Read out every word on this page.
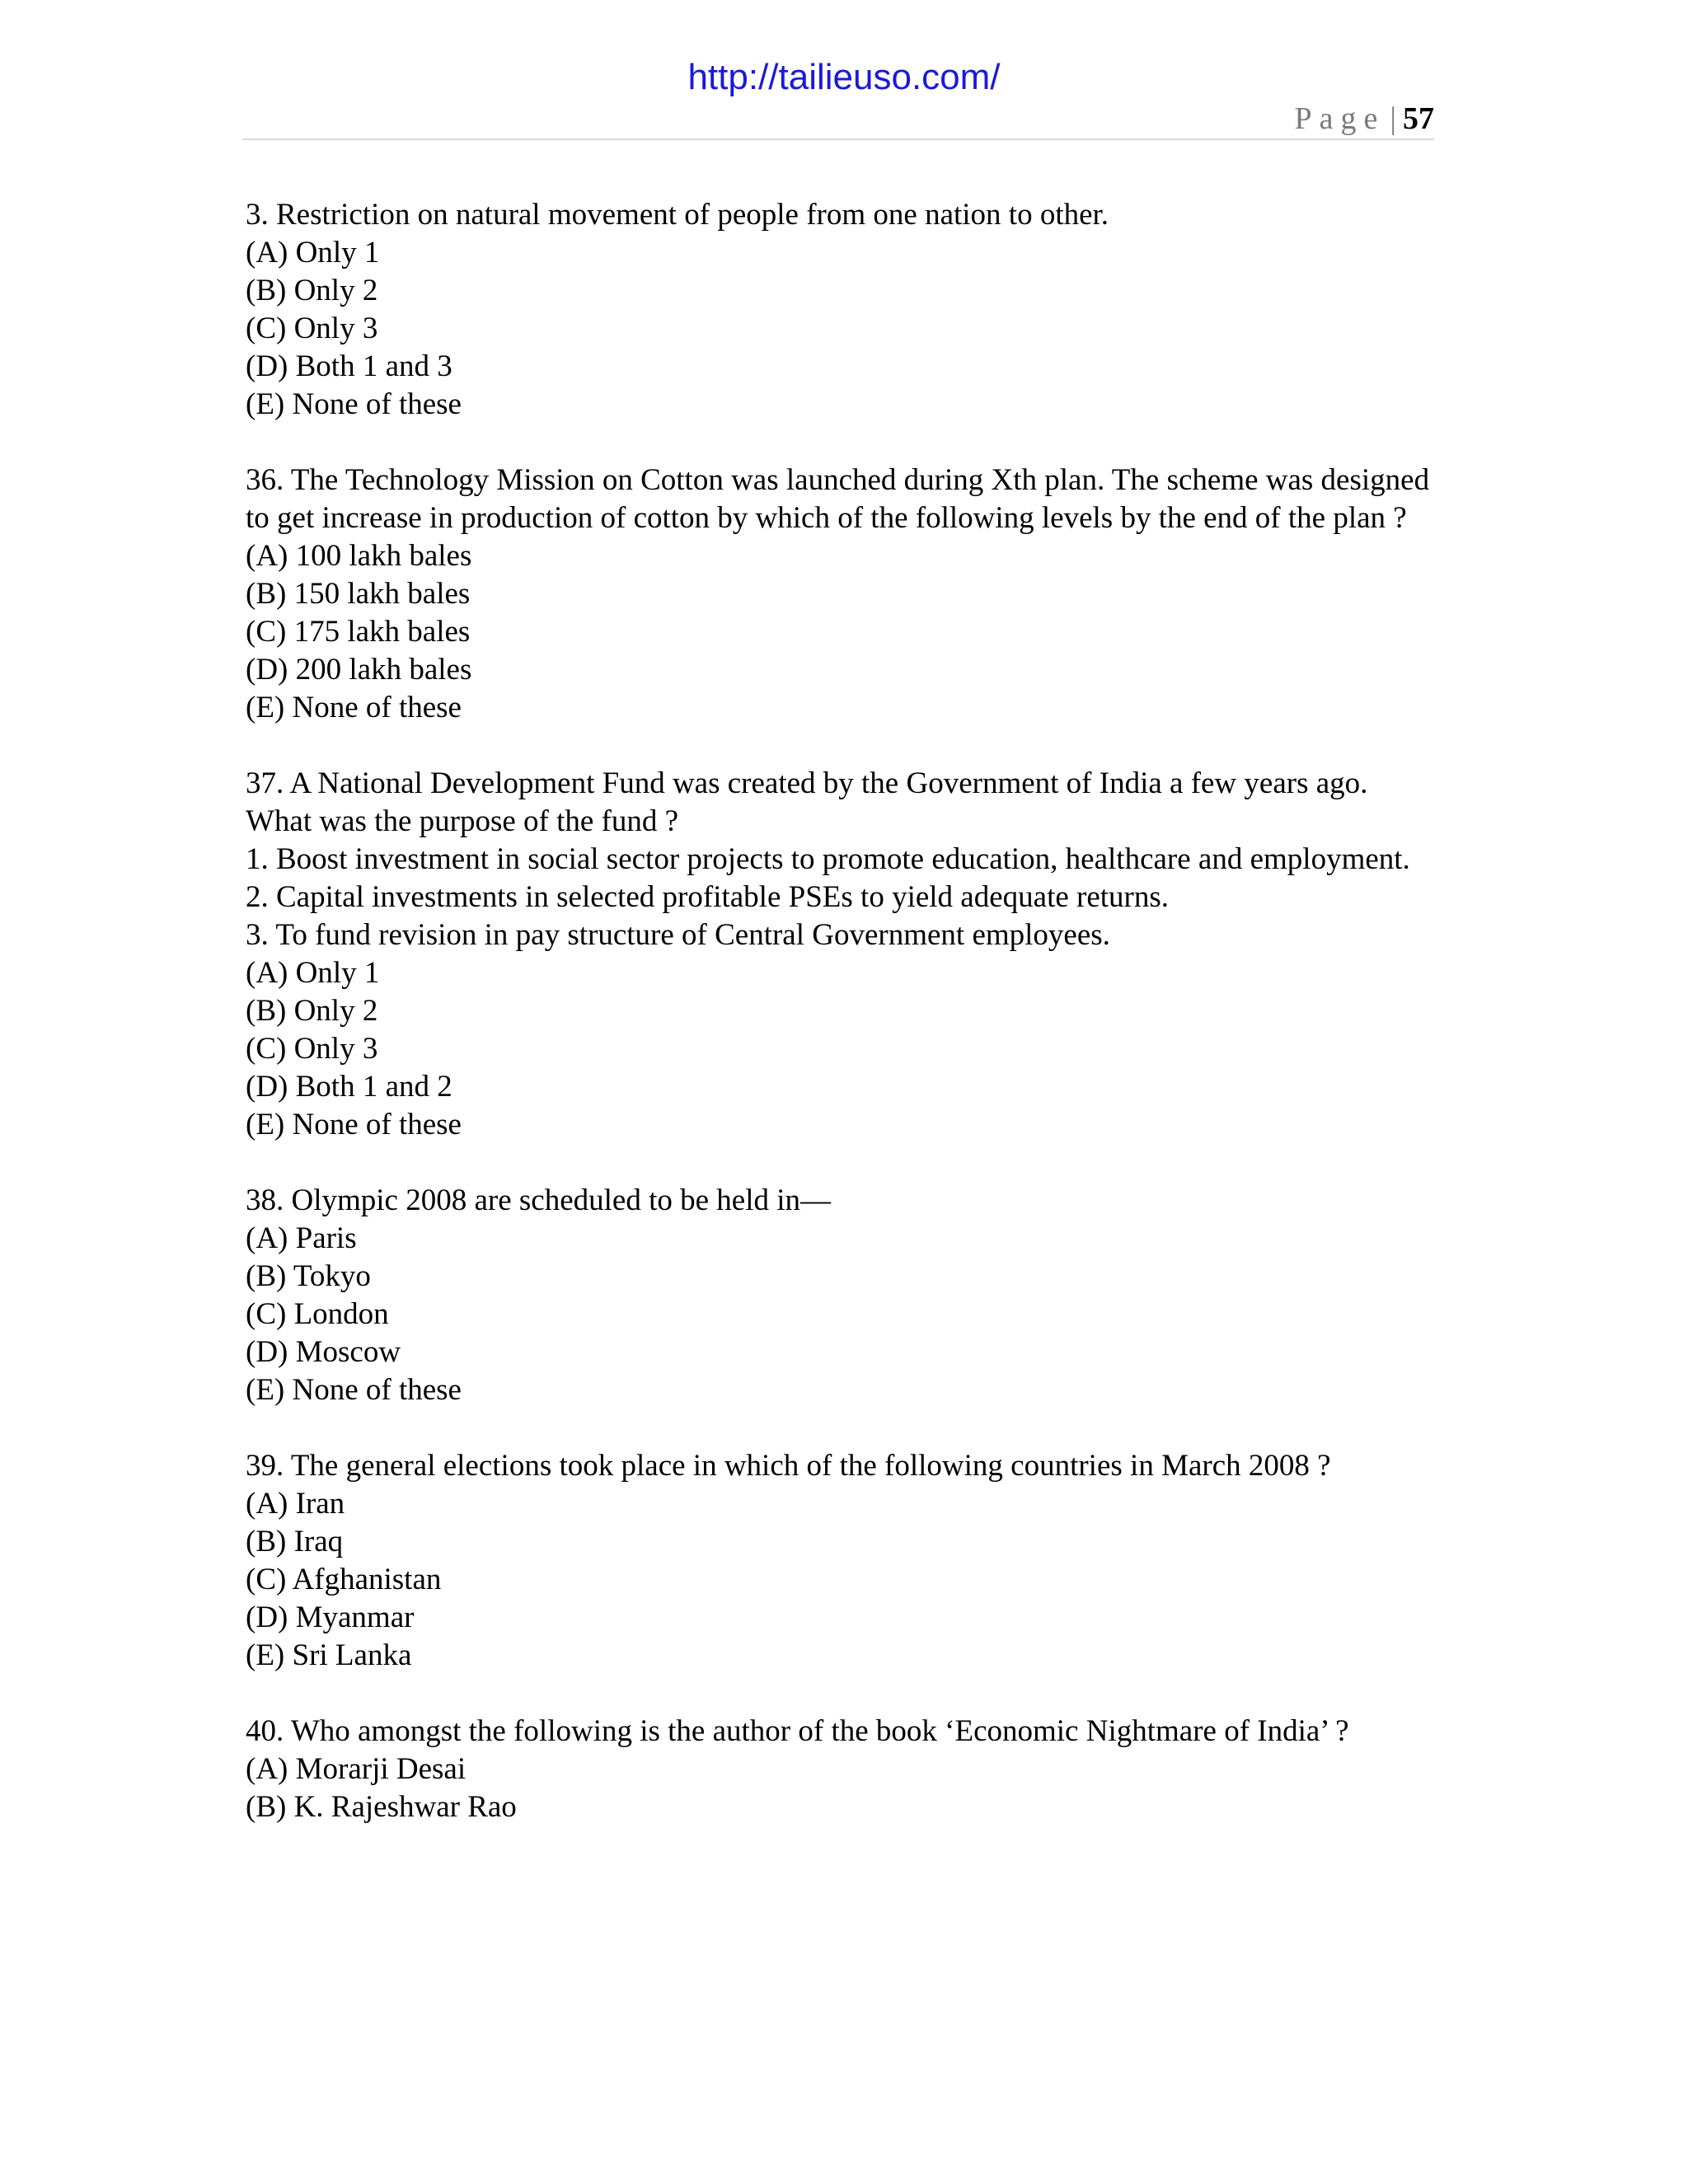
http://tailieuso.com/
Page | 57
3. Restriction on natural movement of people from one nation to other.
(A) Only 1
(B) Only 2
(C) Only 3
(D) Both 1 and 3
(E) None of these
36. The Technology Mission on Cotton was launched during Xth plan. The scheme was designed to get increase in production of cotton by which of the following levels by the end of the plan ?
(A) 100 lakh bales
(B) 150 lakh bales
(C) 175 lakh bales
(D) 200 lakh bales
(E) None of these
37. A National Development Fund was created by the Government of India a few years ago. What was the purpose of the fund ?
1. Boost investment in social sector projects to promote education, healthcare and employment.
2. Capital investments in selected profitable PSEs to yield adequate returns.
3. To fund revision in pay structure of Central Government employees.
(A) Only 1
(B) Only 2
(C) Only 3
(D) Both 1 and 2
(E) None of these
38. Olympic 2008 are scheduled to be held in—
(A) Paris
(B) Tokyo
(C) London
(D) Moscow
(E) None of these
39. The general elections took place in which of the following countries in March 2008 ?
(A) Iran
(B) Iraq
(C) Afghanistan
(D) Myanmar
(E) Sri Lanka
40. Who amongst the following is the author of the book ‘Economic Nightmare of India’ ?
(A) Morarji Desai
(B) K. Rajeshwar Rao
